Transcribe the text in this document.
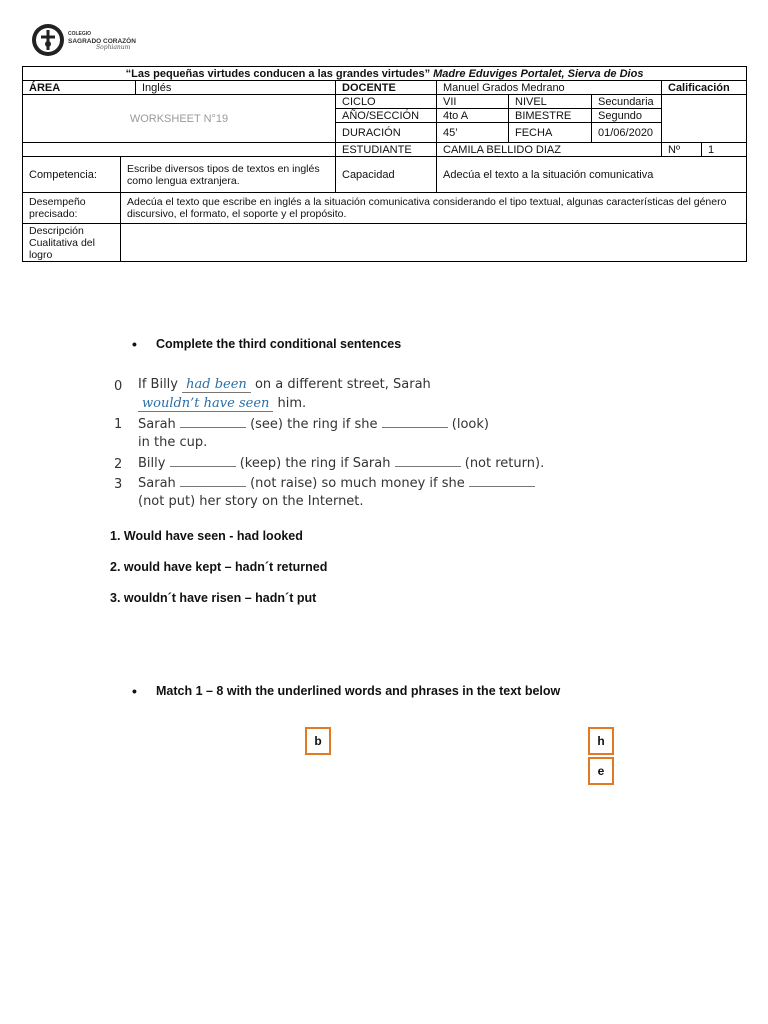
COLEGIO
SAGRADO CORAZÓN
Sophianum
“Las pequeñas virtudes conducen a las grandes virtudes” Madre Eduviges Portalet, Sierva de Dios								
ÁREA		Inglés	DOCENTE	Manuel Grados Medrano			Calificación	
WORKSHEET N°19			CICLO	VII	NIVEL	Secundaria		
			AÑO/SECCIÓN	4to A	BIMESTRE	Segundo		
			DURACIÓN	45’	FECHA	01/06/2020		
			ESTUDIANTE	CAMILA BELLIDO DIAZ			Nº	1
Competencia:	Escribe diversos tipos de textos en inglés como lengua extranjera.		Capacidad	Adecúa el texto a la situación comunicativa				
Desempeño precisado:	Adecúa el texto que escribe en inglés a la situación comunicativa considerando el tipo textual, algunas características del género discursivo, el formato, el soporte y el propósito.							
Descripción Cualitativa del logro								
• Complete the third conditional sentences
0 If Billy had been on a different street, Sarah
wouldn’t have seen him.
1 Sarah	(see) the ring if she	(look)
in the cup.
2 Billy	(keep) the ring if Sarah	(not return).
3 Sarah	(not raise) so much money if she
(not put) her story on the Internet.
1. Would have seen - had looked
2. would have kept – hadn´t returned
3. wouldn´t have risen – hadn´t put
• Match 1 – 8 with the underlined words and phrases in the text below
b	h
e
